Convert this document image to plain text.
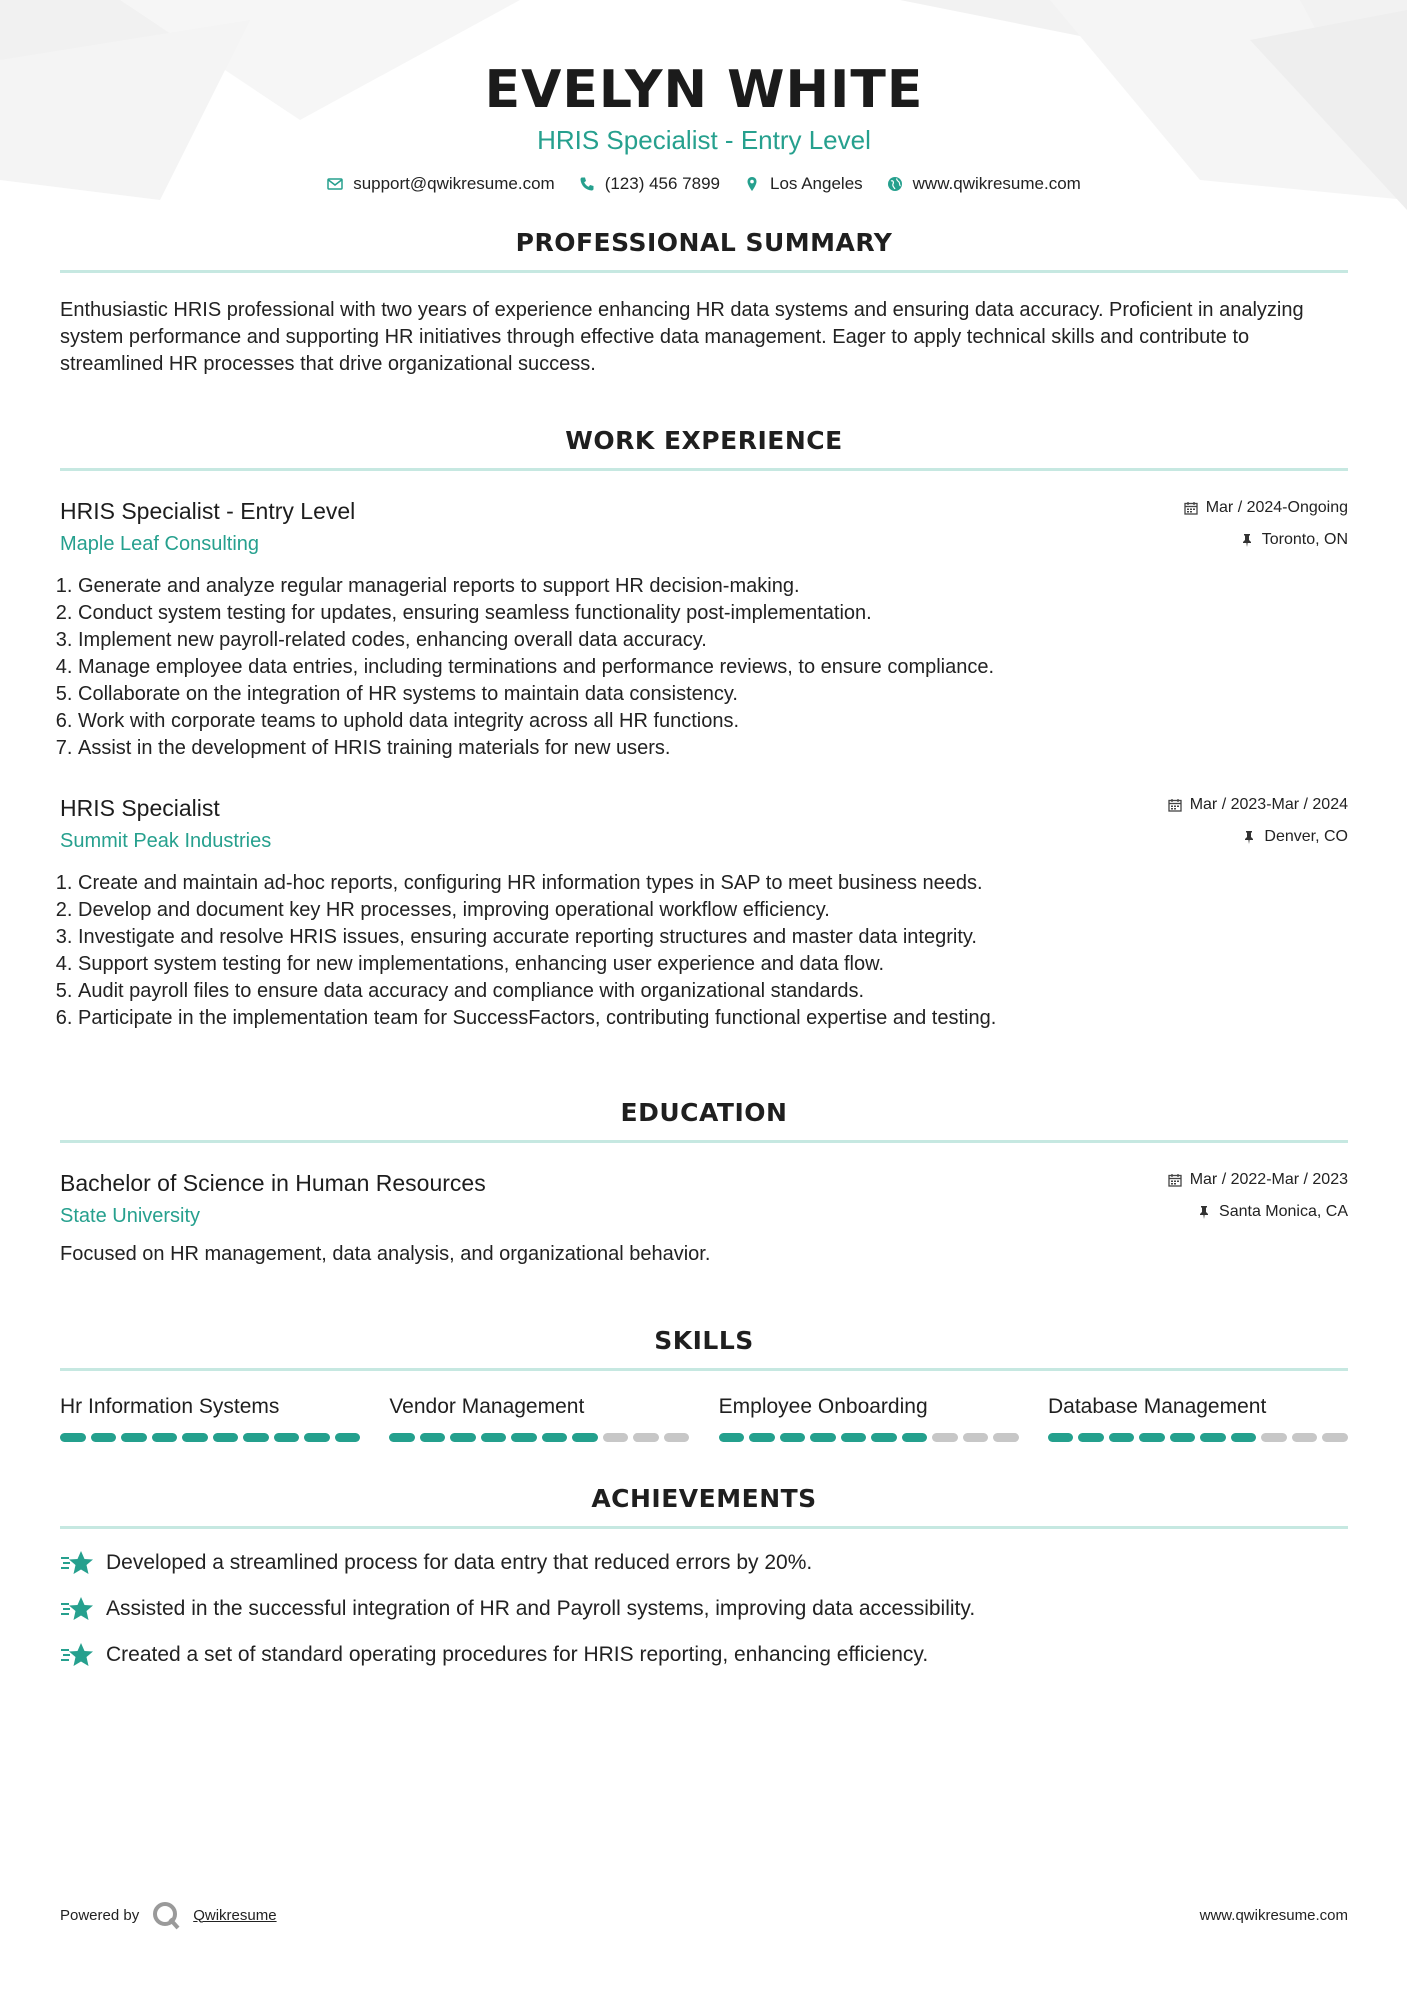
EVELYN WHITE
HRIS Specialist - Entry Level
support@qwikresume.com	(123) 456 7899	Los Angeles	www.qwikresume.com
PROFESSIONAL SUMMARY
Enthusiastic HRIS professional with two years of experience enhancing HR data systems and ensuring data accuracy. Proficient in analyzing system performance and supporting HR initiatives through effective data management. Eager to apply technical skills and contribute to streamlined HR processes that drive organizational success.
WORK EXPERIENCE
HRIS Specialist - Entry Level
Maple Leaf Consulting
Mar / 2024-Ongoing
Toronto, ON
1. Generate and analyze regular managerial reports to support HR decision-making.
2. Conduct system testing for updates, ensuring seamless functionality post-implementation.
3. Implement new payroll-related codes, enhancing overall data accuracy.
4. Manage employee data entries, including terminations and performance reviews, to ensure compliance.
5. Collaborate on the integration of HR systems to maintain data consistency.
6. Work with corporate teams to uphold data integrity across all HR functions.
7. Assist in the development of HRIS training materials for new users.
HRIS Specialist
Summit Peak Industries
Mar / 2023-Mar / 2024
Denver, CO
1. Create and maintain ad-hoc reports, configuring HR information types in SAP to meet business needs.
2. Develop and document key HR processes, improving operational workflow efficiency.
3. Investigate and resolve HRIS issues, ensuring accurate reporting structures and master data integrity.
4. Support system testing for new implementations, enhancing user experience and data flow.
5. Audit payroll files to ensure data accuracy and compliance with organizational standards.
6. Participate in the implementation team for SuccessFactors, contributing functional expertise and testing.
EDUCATION
Bachelor of Science in Human Resources
State University
Mar / 2022-Mar / 2023
Santa Monica, CA
Focused on HR management, data analysis, and organizational behavior.
SKILLS
Hr Information Systems	Vendor Management	Employee Onboarding	Database Management
ACHIEVEMENTS
Developed a streamlined process for data entry that reduced errors by 20%.
Assisted in the successful integration of HR and Payroll systems, improving data accessibility.
Created a set of standard operating procedures for HRIS reporting, enhancing efficiency.
Powered by	Qwikresume	www.qwikresume.com
